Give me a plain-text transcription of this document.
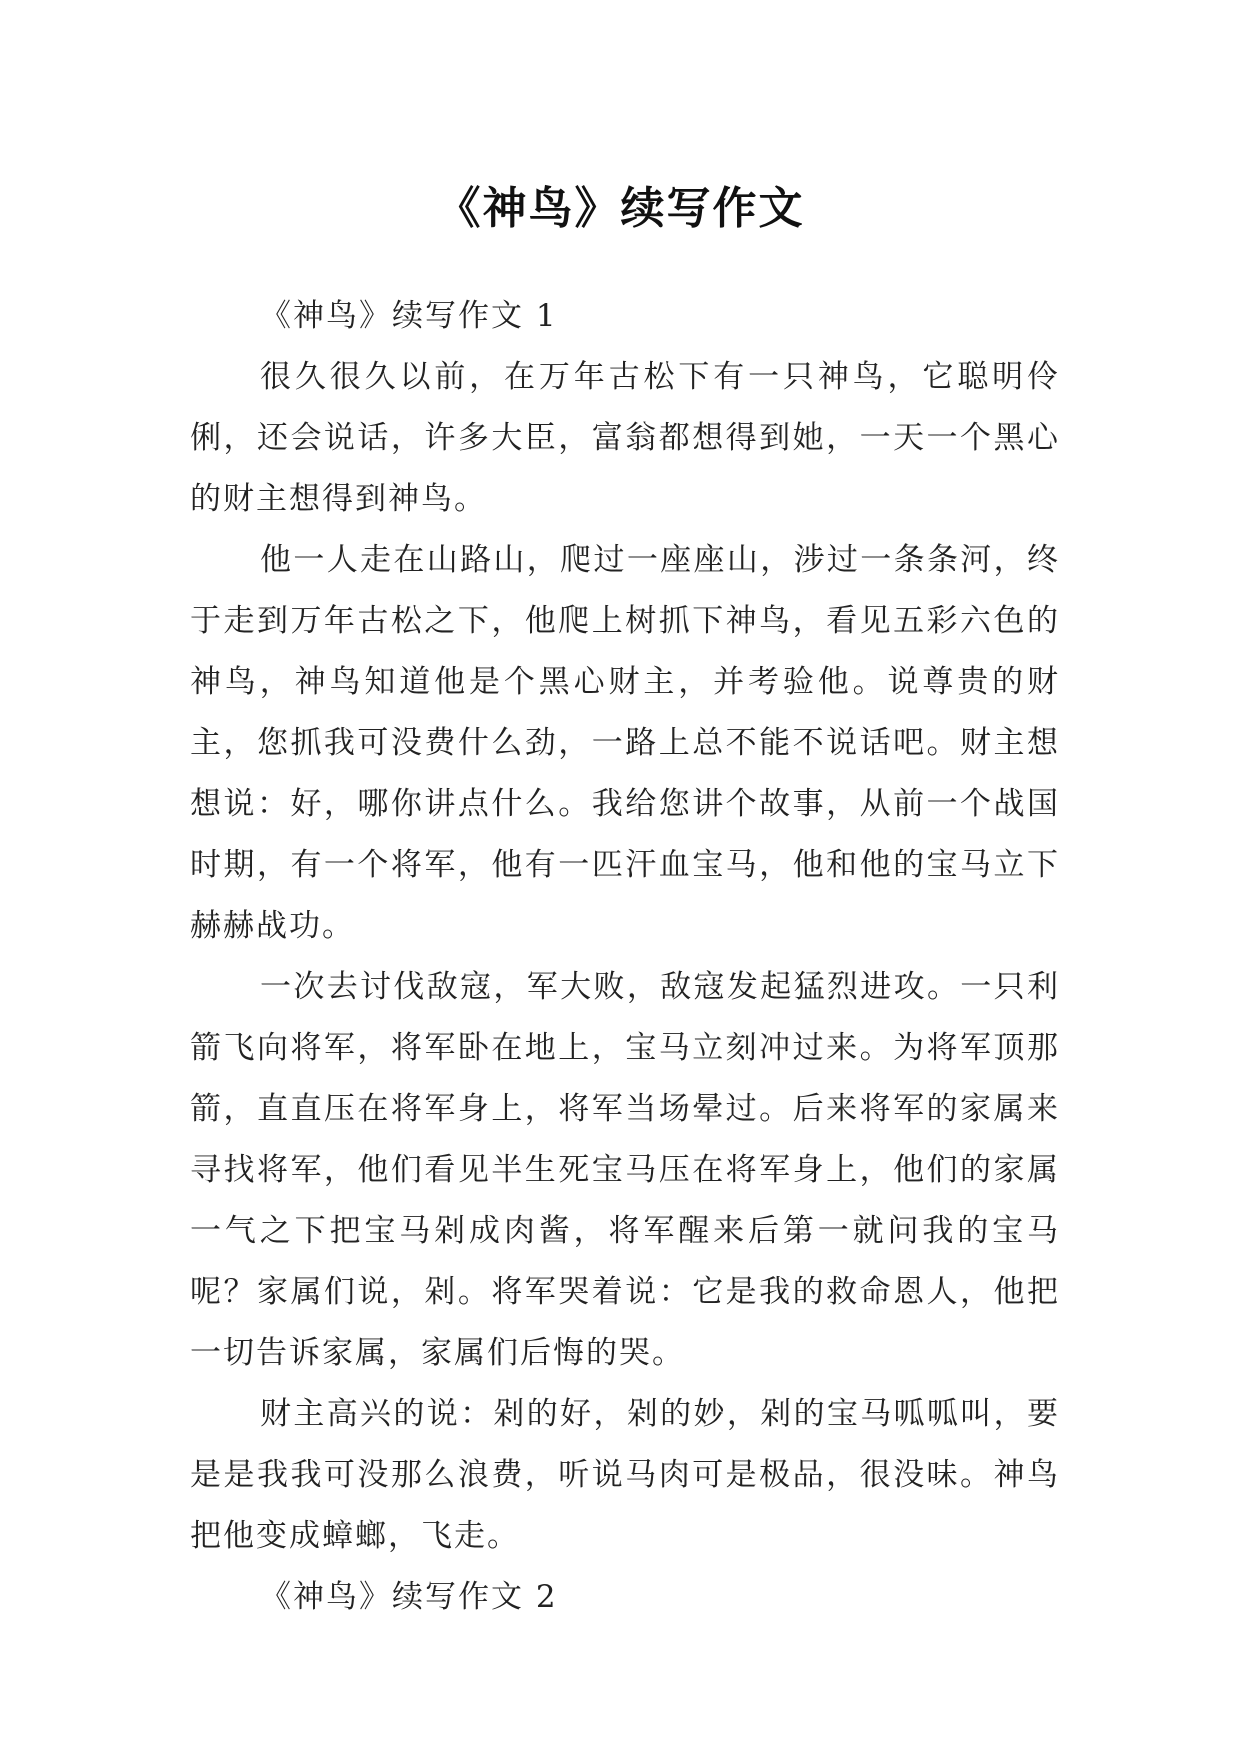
《神鸟》续写作文

《神鸟》续写作文 1

很久很久以前，在万年古松下有一只神鸟，它聪明伶俐，还会说话，许多大臣，富翁都想得到她，一天一个黑心的财主想得到神鸟。

他一人走在山路山，爬过一座座山，涉过一条条河，终于走到万年古松之下，他爬上树抓下神鸟，看见五彩六色的神鸟，神鸟知道他是个黑心财主，并考验他。说尊贵的财主，您抓我可没费什么劲，一路上总不能不说话吧。财主想想说：好，哪你讲点什么。我给您讲个故事，从前一个战国时期，有一个将军，他有一匹汗血宝马，他和他的宝马立下赫赫战功。

一次去讨伐敌寇，军大败，敌寇发起猛烈进攻。一只利箭飞向将军，将军卧在地上，宝马立刻冲过来。为将军顶那箭，直直压在将军身上，将军当场晕过。后来将军的家属来寻找将军，他们看见半生死宝马压在将军身上，他们的家属一气之下把宝马剁成肉酱，将军醒来后第一就问我的宝马呢？家属们说，剁。将军哭着说：它是我的救命恩人，他把一切告诉家属，家属们后悔的哭。

财主高兴的说：剁的好，剁的妙，剁的宝马呱呱叫，要是是我我可没那么浪费，听说马肉可是极品，很没味。神鸟把他变成蟑螂，飞走。

《神鸟》续写作文 2
